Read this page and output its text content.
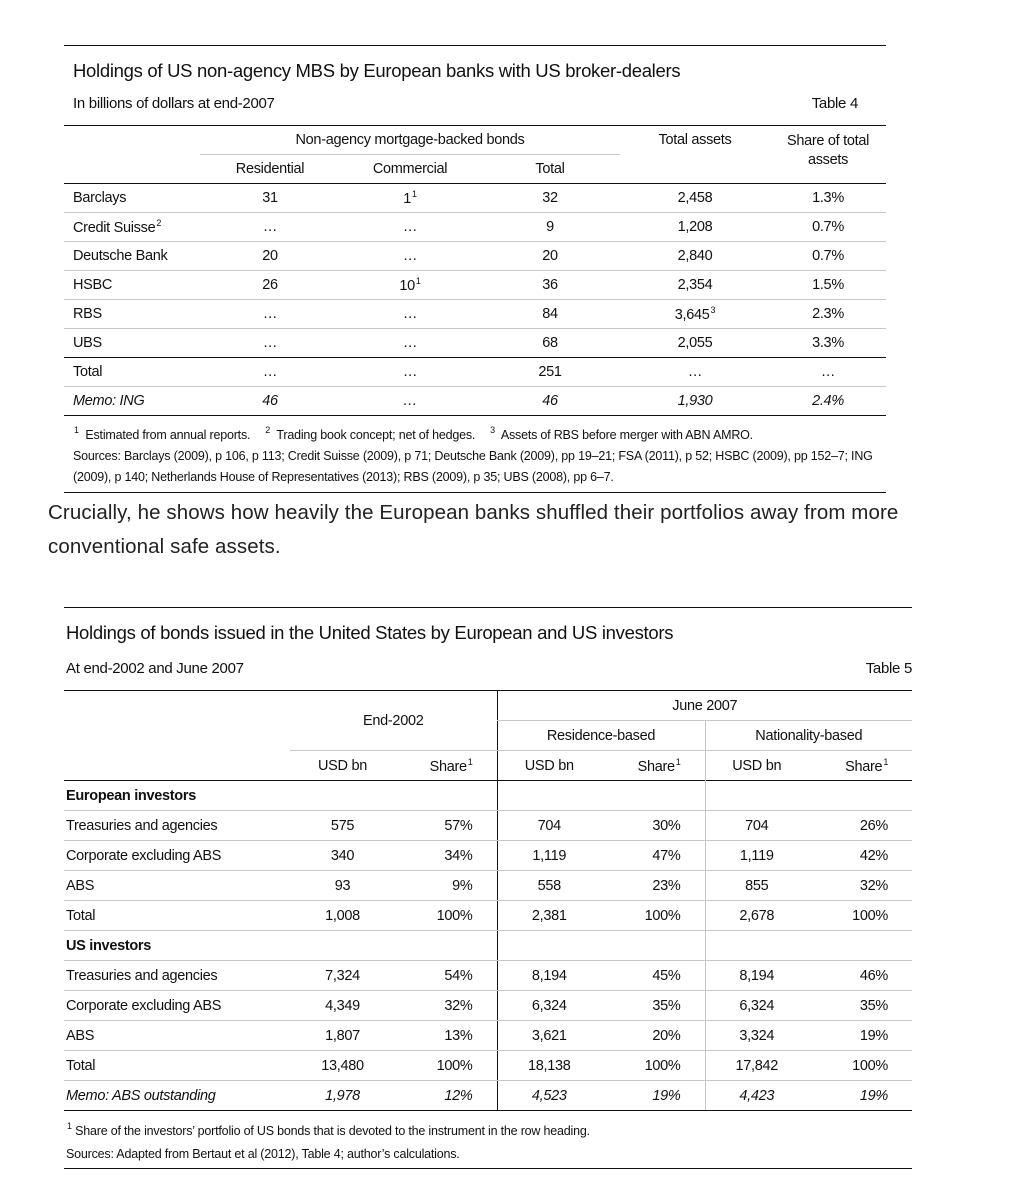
Holdings of US non-agency MBS by European banks with US broker-dealers
In billions of dollars at end-2007	Table 4
	Non-agency mortgage-backed bonds			Total assets	Share of total assets
	Residential	Commercial	Total		
Barclays	31	$1^1$	32	2,458	1.3%
Credit Suisse$^2$	…	…	9	1,208	0.7%
Deutsche Bank	20	…	20	2,840	0.7%
HSBC	26	$10^1$	36	2,354	1.5%
RBS	…	…	84	3,645$^3$	2.3%
UBS	…	…	68	2,055	3.3%
Total	…	…	251	…	…
Memo: ING	46	…	46	1,930	2.4%
$^1$ Estimated from annual reports. $^2$ Trading book concept; net of hedges. $^3$ Assets of RBS before merger with ABN AMRO.
Sources: Barclays (2009), p 106, p 113; Credit Suisse (2009), p 71; Deutsche Bank (2009), pp 19–21; FSA (2011), p 52; HSBC (2009), pp 152–7; ING (2009), p 140; Netherlands House of Representatives (2013); RBS (2009), p 35; UBS (2008), pp 6–7.
Crucially, he shows how heavily the European banks shuffled their portfolios away from more conventional safe assets.
Holdings of bonds issued in the United States by European and US investors
At end-2002 and June 2007	Table 5
	End-2002		June 2007			
			Residence-based		Nationality-based	
	USD bn	Share$^1$	USD bn	Share$^1$	USD bn	Share$^1$
European investors						
Treasuries and agencies	575	57%	704	30%	704	26%
Corporate excluding ABS	340	34%	1,119	47%	1,119	42%
ABS	93	9%	558	23%	855	32%
Total	1,008	100%	2,381	100%	2,678	100%
US investors						
Treasuries and agencies	7,324	54%	8,194	45%	8,194	46%
Corporate excluding ABS	4,349	32%	6,324	35%	6,324	35%
ABS	1,807	13%	3,621	20%	3,324	19%
Total	13,480	100%	18,138	100%	17,842	100%
Memo: ABS outstanding	1,978	12%	4,523	19%	4,423	19%
$^1$ Share of the investors’ portfolio of US bonds that is devoted to the instrument in the row heading.
Sources: Adapted from Bertaut et al (2012), Table 4; author’s calculations.
